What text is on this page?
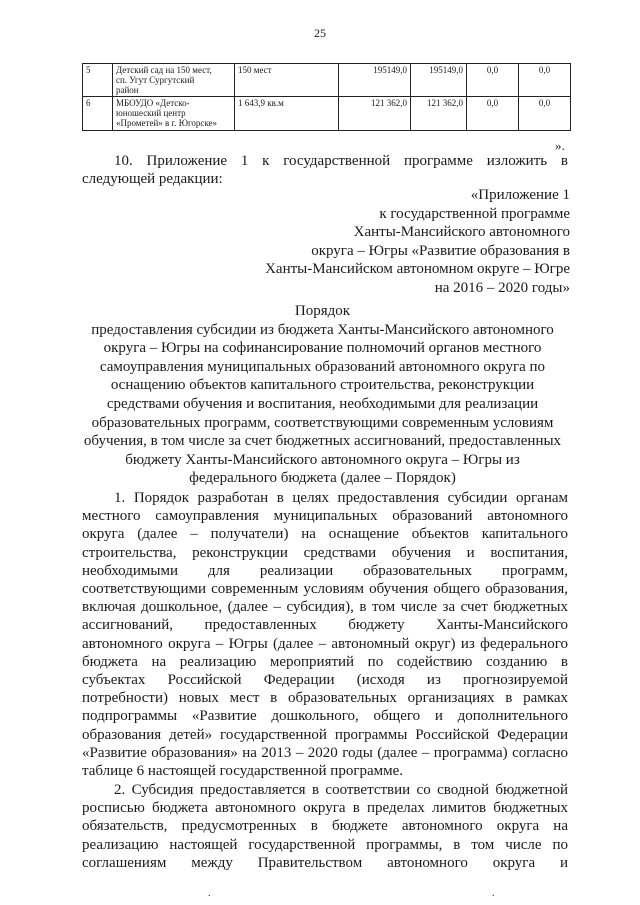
25
5	Детский сад на 150 мест,
сп. Угут Сургутский
район	150 мест	195149,0	195149,0	0,0	0,0
6	МБОУДО «Детско-
юношеский центр
«Прометей» в г. Югорске»	1 643,9 кв.м	121 362,0	121 362,0	0,0	0,0
».
10. Приложение 1 к государственной программе изложить в
следующей редакции:
«Приложение 1
к государственной программе
Ханты-Мансийского автономного
округа – Югры «Развитие образования в
Ханты-Мансийском автономном округе – Югре
на 2016 – 2020 годы»
Порядок
предоставления субсидии из бюджета Ханты-Мансийского автономного
округа – Югры на софинансирование полномочий органов местного
самоуправления муниципальных образований автономного округа по
оснащению объектов капитального строительства, реконструкции
средствами обучения и воспитания, необходимыми для реализации
образовательных программ, соответствующими современным условиям
обучения, в том числе за счет бюджетных ассигнований, предоставленных
бюджету Ханты-Мансийского автономного округа – Югры из
федерального бюджета (далее – Порядок)
1. Порядок разработан в целях предоставления субсидии органам
местного самоуправления муниципальных образований автономного
округа (далее – получатели) на оснащение объектов капитального
строительства, реконструкции средствами обучения и воспитания,
необходимыми для реализации образовательных программ,
соответствующими современным условиям обучения общего образования,
включая дошкольное, (далее – субсидия), в том числе за счет бюджетных
ассигнований, предоставленных бюджету Ханты-Мансийского
автономного округа – Югры (далее – автономный округ) из федерального
бюджета на реализацию мероприятий по содействию созданию в
субъектах Российской Федерации (исходя из прогнозируемой
потребности) новых мест в образовательных организациях в рамках
подпрограммы «Развитие дошкольного, общего и дополнительного
образования детей» государственной программы Российской Федерации
«Развитие образования» на 2013 – 2020 годы (далее – программа) согласно
таблице 6 настоящей государственной программе.
2. Субсидия предоставляется в соответствии со сводной бюджетной
росписью бюджета автономного округа в пределах лимитов бюджетных
обязательств, предусмотренных в бюджете автономного округа на
реализацию настоящей государственной программы, в том числе по
соглашениям между Правительством автономного округа и
.	.
